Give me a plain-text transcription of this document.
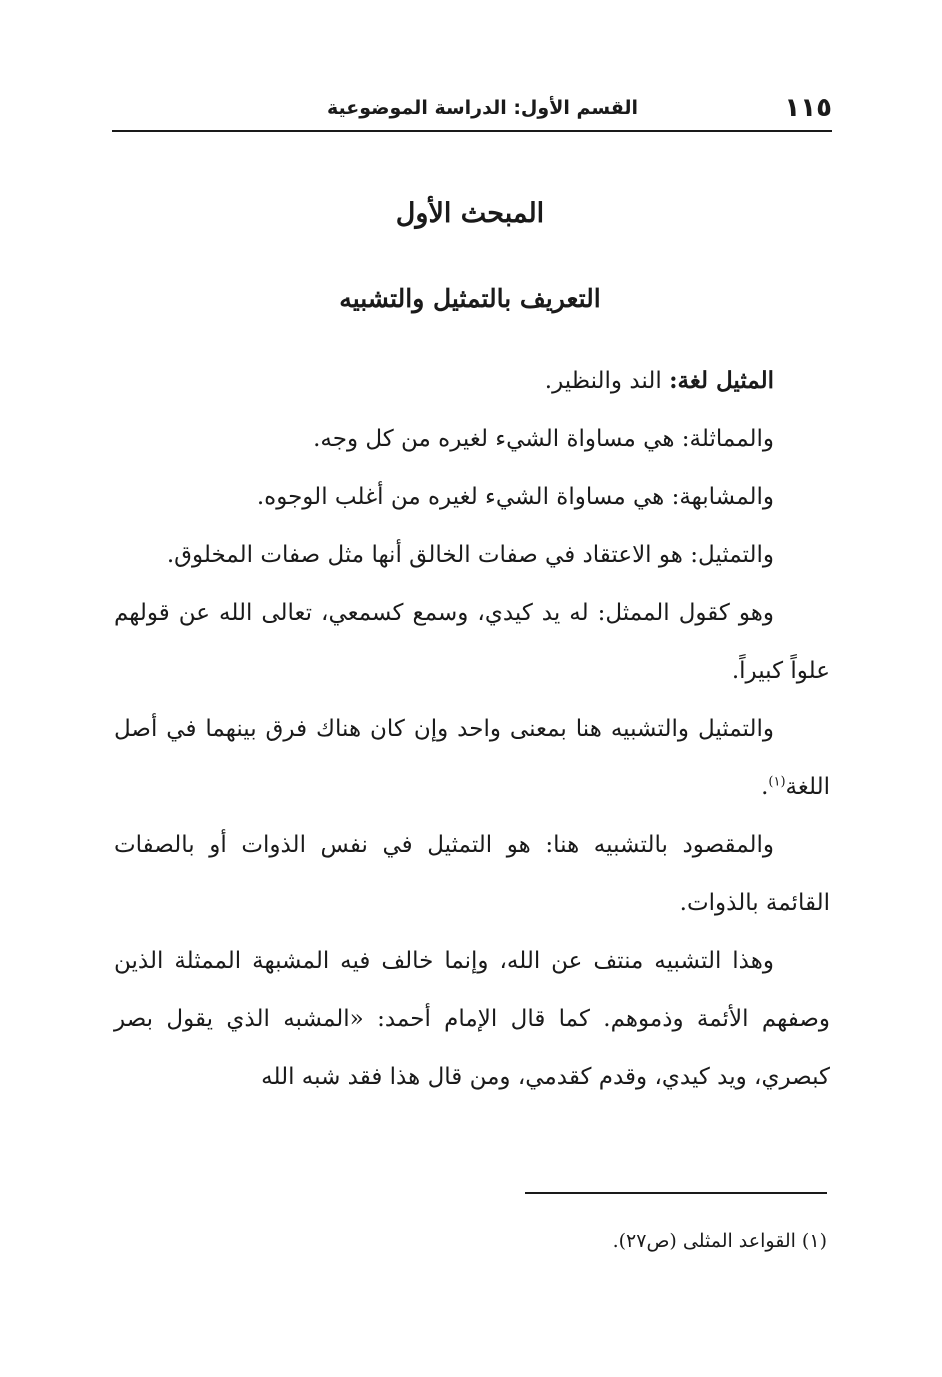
١١٥
القسم الأول: الدراسة الموضوعية
المبحث الأول
التعريف بالتمثيل والتشبيه

المثيل لغة: الند والنظير.

والمماثلة: هي مساواة الشيء لغيره من كل وجه.

والمشابهة: هي مساواة الشيء لغيره من أغلب الوجوه.

والتمثيل: هو الاعتقاد في صفات الخالق أنها مثل صفات المخلوق.

وهو كقول الممثل: له يد كيدي، وسمع كسمعي، تعالى الله عن قولهم علواً كبيراً.

والتمثيل والتشبيه هنا بمعنى واحد وإن كان هناك فرق بينهما في أصل اللغة$^{(١)}$.

والمقصود بالتشبيه هنا: هو التمثيل في نفس الذوات أو بالصفات القائمة بالذوات.

وهذا التشبيه منتف عن الله، وإنما خالف فيه المشبهة الممثلة الذين وصفهم الأئمة وذموهم. كما قال الإمام أحمد: «المشبه الذي يقول بصر كبصري، ويد كيدي، وقدم كقدمي، ومن قال هذا فقد شبه الله

(١) القواعد المثلى (ص٢٧).
